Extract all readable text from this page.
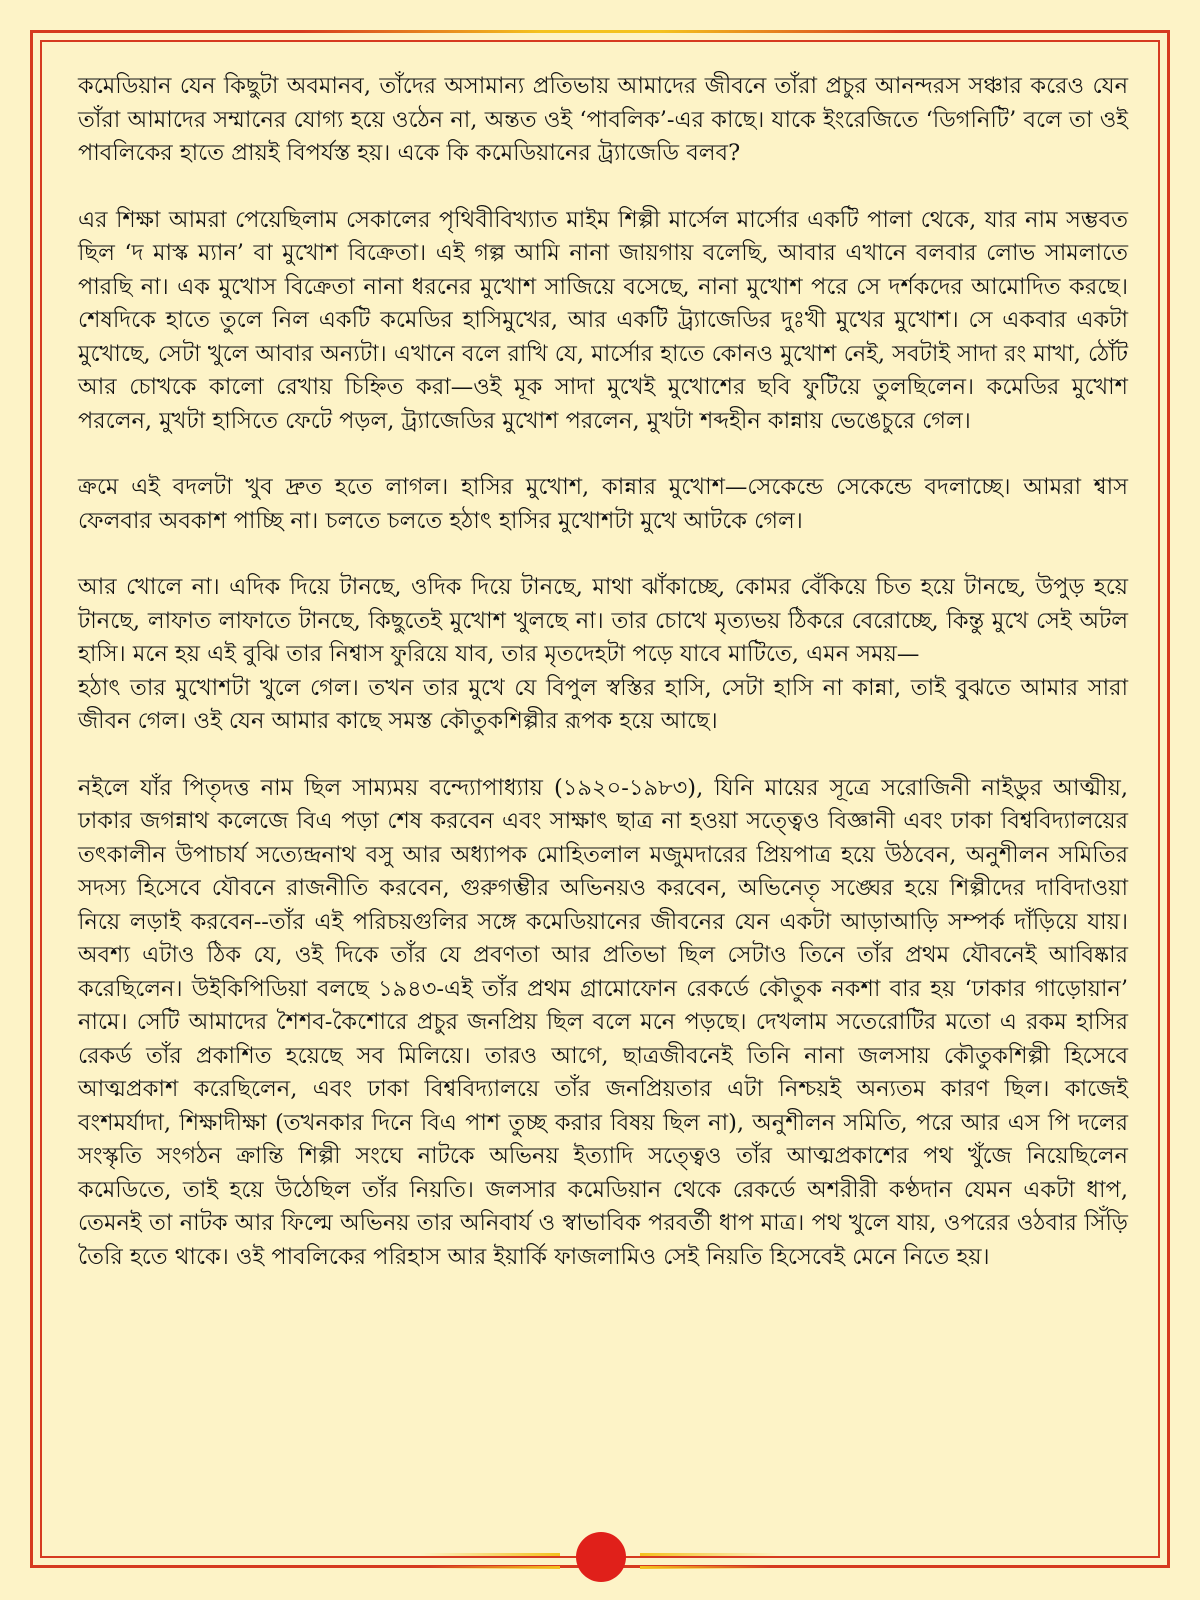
কমেডিয়ান যেন কিছুটা অবমানব, তাঁদের অসামান্য প্রতিভায় আমাদের জীবনে তাঁরা প্রচুর আনন্দরস সঞ্চার করেও যেন তাঁরা আমাদের সম্মানের যোগ্য হয়ে ওঠেন না, অন্তত ওই ‘পাবলিক’-এর কাছে। যাকে ইংরেজিতে ‘ডিগনিটি’ বলে তা ওই পাবলিকের হাতে প্রায়ই বিপর্যস্ত হয়। একে কি কমেডিয়ানের ট্র্যাজেডি বলব?

এর শিক্ষা আমরা পেয়েছিলাম সেকালের পৃথিবীবিখ্যাত মাইম শিল্পী মার্সেল মার্সোর একটি পালা থেকে, যার নাম সম্ভবত ছিল ‘দ মাস্ক ম্যান’ বা মুখোশ বিক্রেতা। এই গল্প আমি নানা জায়গায় বলেছি, আবার এখানে বলবার লোভ সামলাতে পারছি না। এক মুখোস বিক্রেতা নানা ধরনের মুখোশ সাজিয়ে বসেছে, নানা মুখোশ পরে সে দর্শকদের আমোদিত করছে। শেষদিকে হাতে তুলে নিল একটি কমেডির হাসিমুখের, আর একটি ট্র্যাজেডির দুঃখী মুখের মুখোশ। সে একবার একটা মুখোছে, সেটা খুলে আবার অন্যটা। এখানে বলে রাখি যে, মার্সোর হাতে কোনও মুখোশ নেই, সবটাই সাদা রং মাখা, ঠোঁট আর চোখকে কালো রেখায় চিহ্নিত করা—ওই মূক সাদা মুখেই মুখোশের ছবি ফুটিয়ে তুলছিলেন। কমেডির মুখোশ পরলেন, মুখটা হাসিতে ফেটে পড়ল, ট্র্যাজেডির মুখোশ পরলেন, মুখটা শব্দহীন কান্নায় ভেঙেচুরে গেল।

ক্রমে এই বদলটা খুব দ্রুত হতে লাগল। হাসির মুখোশ, কান্নার মুখোশ—সেকেন্ডে সেকেন্ডে বদলাচ্ছে। আমরা শ্বাস ফেলবার অবকাশ পাচ্ছি না। চলতে চলতে হঠাৎ হাসির মুখোশটা মুখে আটকে গেল।

আর খোলে না। এদিক দিয়ে টানছে, ওদিক দিয়ে টানছে, মাথা ঝাঁকাচ্ছে, কোমর বেঁকিয়ে চিত হয়ে টানছে, উপুড় হয়ে টানছে, লাফাত লাফাতে টানছে, কিছুতেই মুখোশ খুলছে না। তার চোখে মৃত্যভয় ঠিকরে বেরোচ্ছে, কিন্তু মুখে সেই অটল হাসি। মনে হয় এই বুঝি তার নিশ্বাস ফুরিয়ে যাব, তার মৃতদেহটা পড়ে যাবে মাটিতে, এমন সময়—

হঠাৎ তার মুখোশটা খুলে গেল। তখন তার মুখে যে বিপুল স্বস্তির হাসি, সেটা হাসি না কান্না, তাই বুঝতে আমার সারা জীবন গেল। ওই যেন আমার কাছে সমস্ত কৌতুকশিল্পীর রূপক হয়ে আছে।

নইলে যাঁর পিতৃদত্ত নাম ছিল সাম্যময় বন্দ্যোপাধ্যায় (১৯২০-১৯৮৩), যিনি মায়ের সূত্রে সরোজিনী নাইডুর আত্মীয়, ঢাকার জগন্নাথ কলেজে বিএ পড়া শেষ করবেন এবং সাক্ষাৎ ছাত্র না হওয়া সত্ত্বেও বিজ্ঞানী এবং ঢাকা বিশ্ববিদ্যালয়ের তৎকালীন উপাচার্য সত্যেন্দ্রনাথ বসু আর অধ্যাপক মোহিতলাল মজুমদারের প্রিয়পাত্র হয়ে উঠবেন, অনুশীলন সমিতির সদস্য হিসেবে যৌবনে রাজনীতি করবেন, গুরুগম্ভীর অভিনয়ও করবেন, অভিনেতৃ সঙ্ঘের হয়ে শিল্পীদের দাবিদাওয়া নিয়ে লড়াই করবেন--তাঁর এই পরিচয়গুলির সঙ্গে কমেডিয়ানের জীবনের যেন একটা আড়াআড়ি সম্পর্ক দাঁড়িয়ে যায়। অবশ্য এটাও ঠিক যে, ওই দিকে তাঁর যে প্রবণতা আর প্রতিভা ছিল সেটাও তিনে তাঁর প্রথম যৌবনেই আবিষ্কার করেছিলেন। উইকিপিডিয়া বলছে ১৯৪৩-এই তাঁর প্রথম গ্রামোফোন রেকর্ডে কৌতুক নকশা বার হয় ‘ঢাকার গাড়োয়ান’ নামে। সেটি আমাদের শৈশব-কৈশোরে প্রচুর জনপ্রিয় ছিল বলে মনে পড়ছে। দেখলাম সতেরোটির মতো এ রকম হাসির রেকর্ড তাঁর প্রকাশিত হয়েছে সব মিলিয়ে। তারও আগে, ছাত্রজীবনেই তিনি নানা জলসায় কৌতুকশিল্পী হিসেবে আত্মপ্রকাশ করেছিলেন, এবং ঢাকা বিশ্ববিদ্যালয়ে তাঁর জনপ্রিয়তার এটা নিশ্চয়ই অন্যতম কারণ ছিল। কাজেই বংশমর্যাদা, শিক্ষাদীক্ষা (তখনকার দিনে বিএ পাশ তুচ্ছ করার বিষয় ছিল না), অনুশীলন সমিতি, পরে আর এস পি দলের সংস্কৃতি সংগঠন ক্রান্তি শিল্পী সংঘে নাটকে অভিনয় ইত্যাদি সত্ত্বেও তাঁর আত্মপ্রকাশের পথ খুঁজে নিয়েছিলেন কমেডিতে, তাই হয়ে উঠেছিল তাঁর নিয়তি। জলসার কমেডিয়ান থেকে রেকর্ডে অশরীরী কণ্ঠদান যেমন একটা ধাপ, তেমনই তা নাটক আর ফিল্মে অভিনয় তার অনিবার্য ও স্বাভাবিক পরবর্তী ধাপ মাত্র। পথ খুলে যায়, ওপরের ওঠবার সিঁড়ি তৈরি হতে থাকে। ওই পাবলিকের পরিহাস আর ইয়ার্কি ফাজলামিও সেই নিয়তি হিসেবেই মেনে নিতে হয়।
